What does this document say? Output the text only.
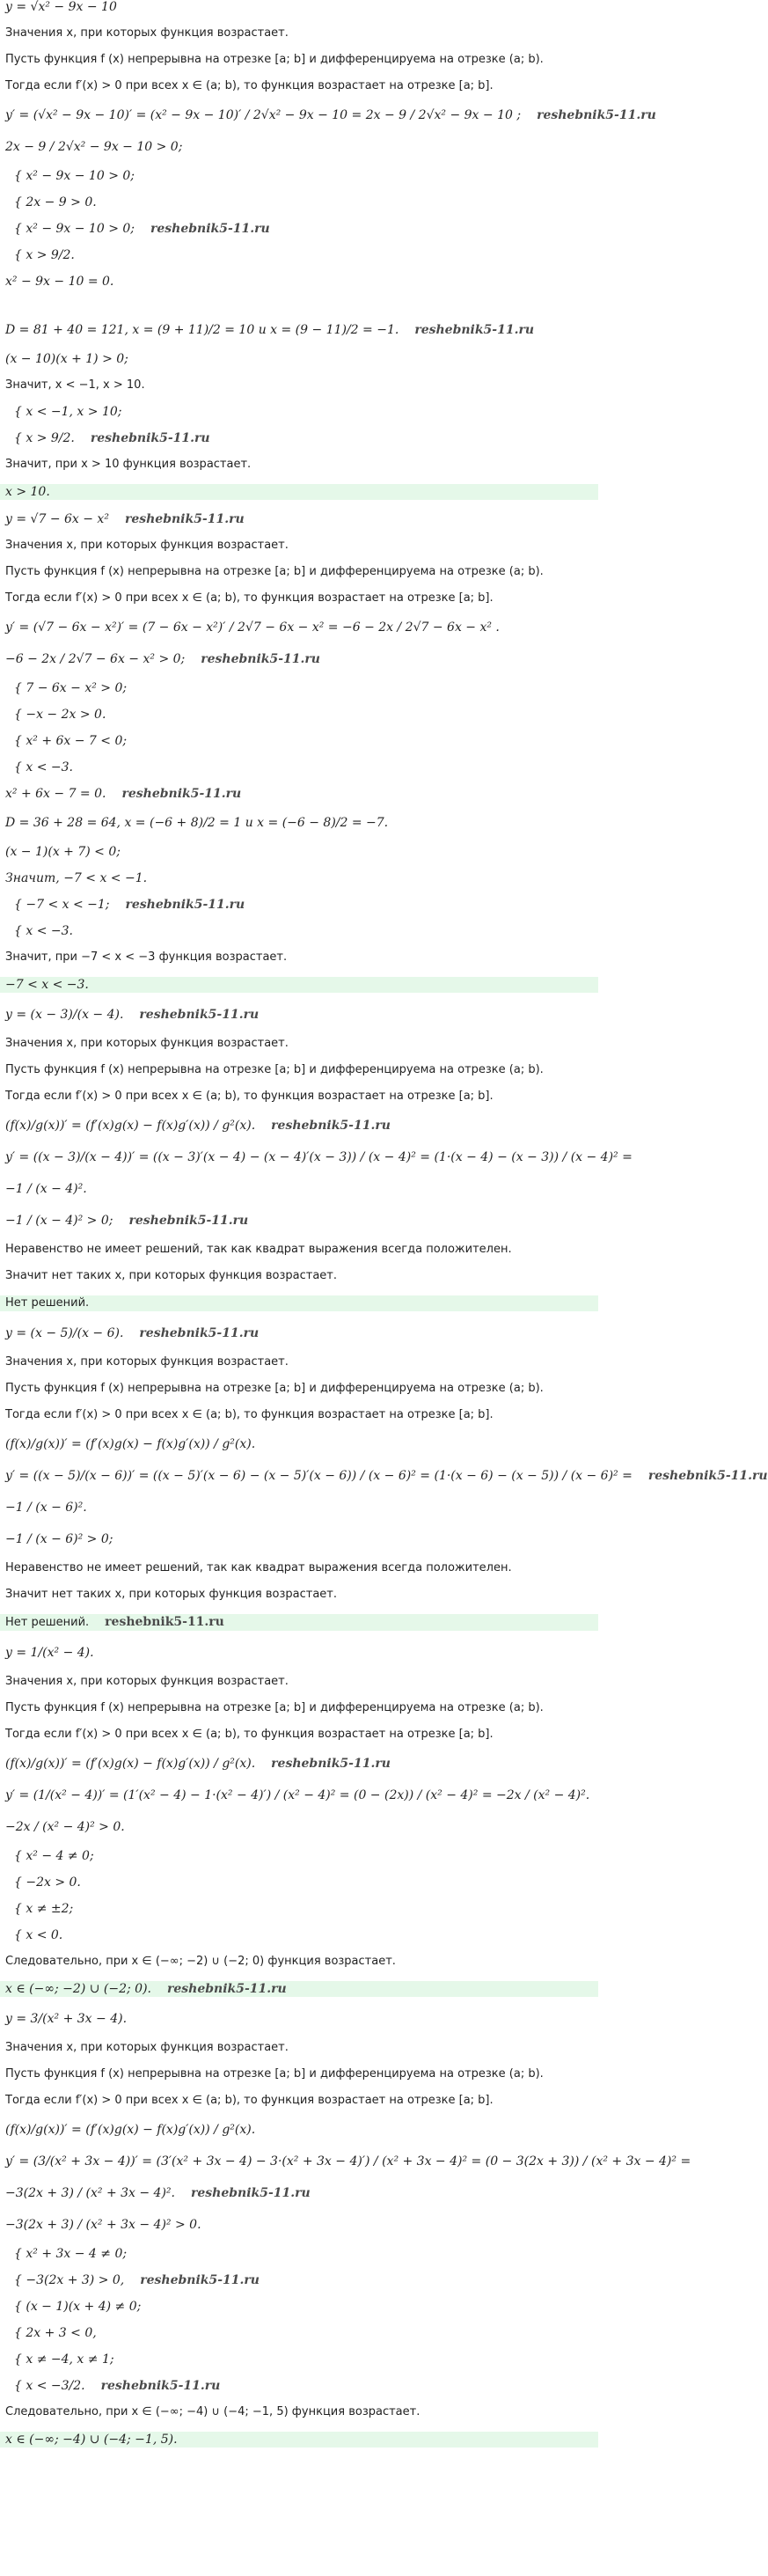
y = √x² − 9x − 10
Значения x, при которых функция возрастает.
Пусть функция f (x) непрерывна на отрезке [a; b] и дифференцируема на отрезке (a; b).
Тогда если f′(x) > 0 при всех x ∈ (a; b), то функция возрастает на отрезке [a; b].
y′ = (√x² − 9x − 10)′ = (x² − 9x − 10)′ / 2√x² − 9x − 10 = 2x − 9 / 2√x² − 9x − 10 ; reshebnik5-11.ru
2x − 9 / 2√x² − 9x − 10 > 0;
{ x² − 9x − 10 > 0;
{ 2x − 9 > 0.
{ x² − 9x − 10 > 0; reshebnik5-11.ru
{ x > 9/2.
x² − 9x − 10 = 0.
D = 81 + 40 = 121, x = (9 + 11)/2 = 10 и x = (9 − 11)/2 = −1. reshebnik5-11.ru
(x − 10)(x + 1) > 0;
Значит, x < −1, x > 10.
{ x < −1, x > 10;
{ x > 9/2. reshebnik5-11.ru
Значит, при x > 10 функция возрастает.
x > 10.
y = √7 − 6x − x² reshebnik5-11.ru
Значения x, при которых функция возрастает.
Пусть функция f (x) непрерывна на отрезке [a; b] и дифференцируема на отрезке (a; b).
Тогда если f′(x) > 0 при всех x ∈ (a; b), то функция возрастает на отрезке [a; b].
y′ = (√7 − 6x − x²)′ = (7 − 6x − x²)′ / 2√7 − 6x − x² = −6 − 2x / 2√7 − 6x − x² .
−6 − 2x / 2√7 − 6x − x² > 0; reshebnik5-11.ru
{ 7 − 6x − x² > 0;
{ −x − 2x > 0.
{ x² + 6x − 7 < 0;
{ x < −3.
x² + 6x − 7 = 0. reshebnik5-11.ru
D = 36 + 28 = 64, x = (−6 + 8)/2 = 1 и x = (−6 − 8)/2 = −7.
(x − 1)(x + 7) < 0;
Значит, −7 < x < −1.
{ −7 < x < −1; reshebnik5-11.ru
{ x < −3.
Значит, при −7 < x < −3 функция возрастает.
−7 < x < −3.
y = (x − 3)/(x − 4). reshebnik5-11.ru
Значения x, при которых функция возрастает.
Пусть функция f (x) непрерывна на отрезке [a; b] и дифференцируема на отрезке (a; b).
Тогда если f′(x) > 0 при всех x ∈ (a; b), то функция возрастает на отрезке [a; b].
(f(x)/g(x))′ = (f′(x)g(x) − f(x)g′(x)) / g²(x). reshebnik5-11.ru
y′ = ((x − 3)/(x − 4))′ = ((x − 3)′(x − 4) − (x − 4)′(x − 3)) / (x − 4)² = (1·(x − 4) − (x − 3)) / (x − 4)² =
−1 / (x − 4)².
−1 / (x − 4)² > 0; reshebnik5-11.ru
Неравенство не имеет решений, так как квадрат выражения всегда положителен.
Значит нет таких x, при которых функция возрастает.
Нет решений.
y = (x − 5)/(x − 6). reshebnik5-11.ru
Значения x, при которых функция возрастает.
Пусть функция f (x) непрерывна на отрезке [a; b] и дифференцируема на отрезке (a; b).
Тогда если f′(x) > 0 при всех x ∈ (a; b), то функция возрастает на отрезке [a; b].
(f(x)/g(x))′ = (f′(x)g(x) − f(x)g′(x)) / g²(x).
y′ = ((x − 5)/(x − 6))′ = ((x − 5)′(x − 6) − (x − 5)′(x − 6)) / (x − 6)² = (1·(x − 6) − (x − 5)) / (x − 6)² = reshebnik5-11.ru
−1 / (x − 6)².
−1 / (x − 6)² > 0;
Неравенство не имеет решений, так как квадрат выражения всегда положителен.
Значит нет таких x, при которых функция возрастает.
Нет решений. reshebnik5-11.ru
y = 1/(x² − 4).
Значения x, при которых функция возрастает.
Пусть функция f (x) непрерывна на отрезке [a; b] и дифференцируема на отрезке (a; b).
Тогда если f′(x) > 0 при всех x ∈ (a; b), то функция возрастает на отрезке [a; b].
(f(x)/g(x))′ = (f′(x)g(x) − f(x)g′(x)) / g²(x). reshebnik5-11.ru
y′ = (1/(x² − 4))′ = (1′(x² − 4) − 1·(x² − 4)′) / (x² − 4)² = (0 − (2x)) / (x² − 4)² = −2x / (x² − 4)².
−2x / (x² − 4)² > 0.
{ x² − 4 ≠ 0;
{ −2x > 0.
{ x ≠ ±2;
{ x < 0.
Следовательно, при x ∈ (−∞; −2) ∪ (−2; 0) функция возрастает.
x ∈ (−∞; −2) ∪ (−2; 0). reshebnik5-11.ru
y = 3/(x² + 3x − 4).
Значения x, при которых функция возрастает.
Пусть функция f (x) непрерывна на отрезке [a; b] и дифференцируема на отрезке (a; b).
Тогда если f′(x) > 0 при всех x ∈ (a; b), то функция возрастает на отрезке [a; b].
(f(x)/g(x))′ = (f′(x)g(x) − f(x)g′(x)) / g²(x).
y′ = (3/(x² + 3x − 4))′ = (3′(x² + 3x − 4) − 3·(x² + 3x − 4)′) / (x² + 3x − 4)² = (0 − 3(2x + 3)) / (x² + 3x − 4)² =
−3(2x + 3) / (x² + 3x − 4)². reshebnik5-11.ru
−3(2x + 3) / (x² + 3x − 4)² > 0.
{ x² + 3x − 4 ≠ 0;
{ −3(2x + 3) > 0, reshebnik5-11.ru
{ (x − 1)(x + 4) ≠ 0;
{ 2x + 3 < 0,
{ x ≠ −4, x ≠ 1;
{ x < −3/2. reshebnik5-11.ru
Следовательно, при x ∈ (−∞; −4) ∪ (−4; −1, 5) функция возрастает.
x ∈ (−∞; −4) ∪ (−4; −1, 5).
